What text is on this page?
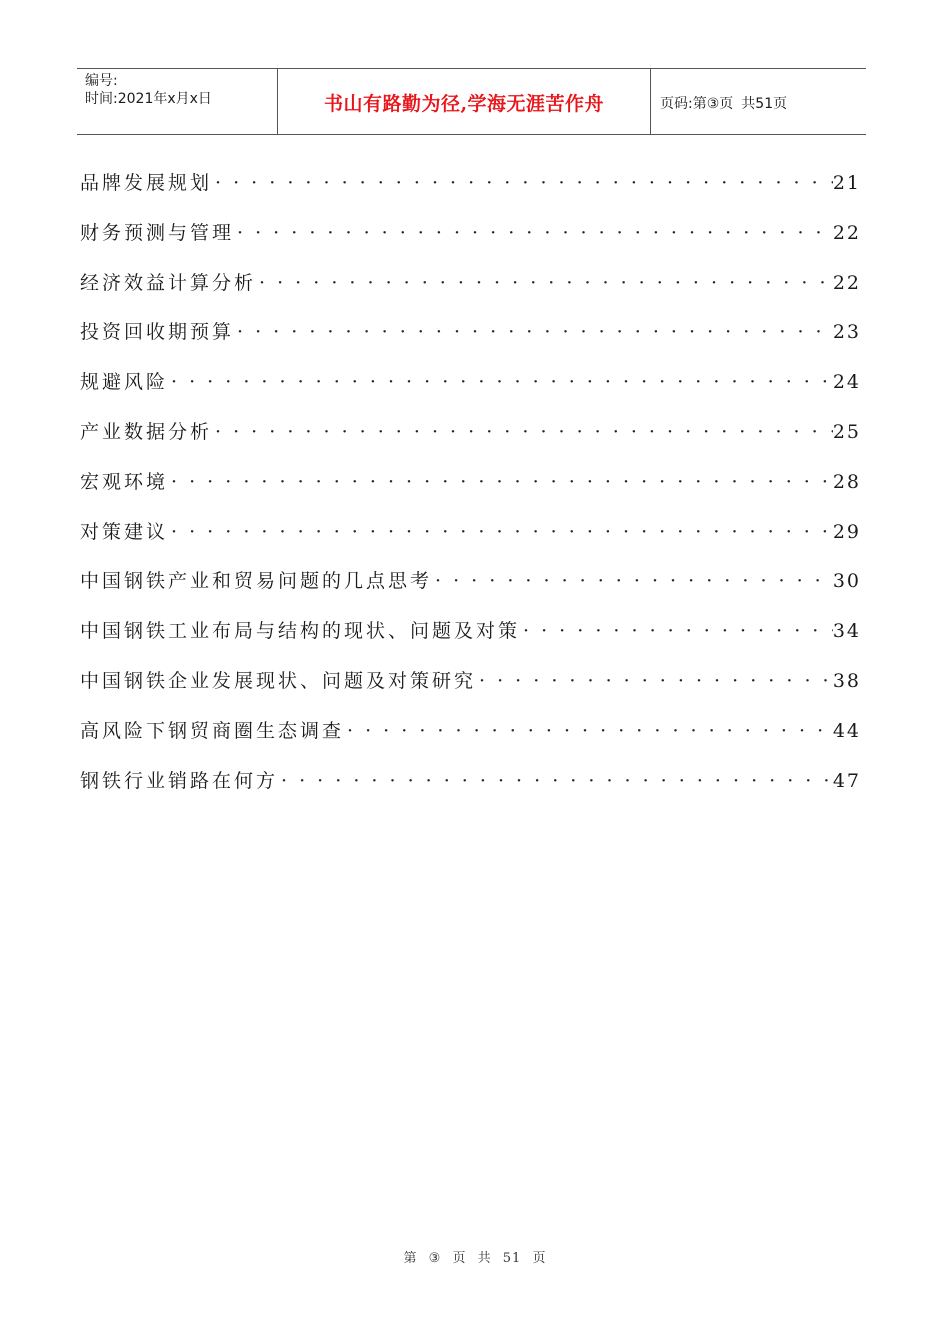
编号:
时间:2021年x月x日	书山有路勤为径,学海无涯苦作舟	页码:第③页 共51页
品牌发展规划 · · ·	21
财务预测与管理 · · ·	22
经济效益计算分析 · · ·	22
投资回收期预算 · · ·	23
规避风险 · · ·	24
产业数据分析 · · ·	25
宏观环境 · · ·	28
对策建议 · · ·	29
中国钢铁产业和贸易问题的几点思考 · · ·	30
中国钢铁工业布局与结构的现状、问题及对策 · · ·	34
中国钢铁企业发展现状、问题及对策研究 · · ·	38
高风险下钢贸商圈生态调查 · · ·	44
钢铁行业销路在何方 · · ·	47
第 ③ 页 共 51 页
